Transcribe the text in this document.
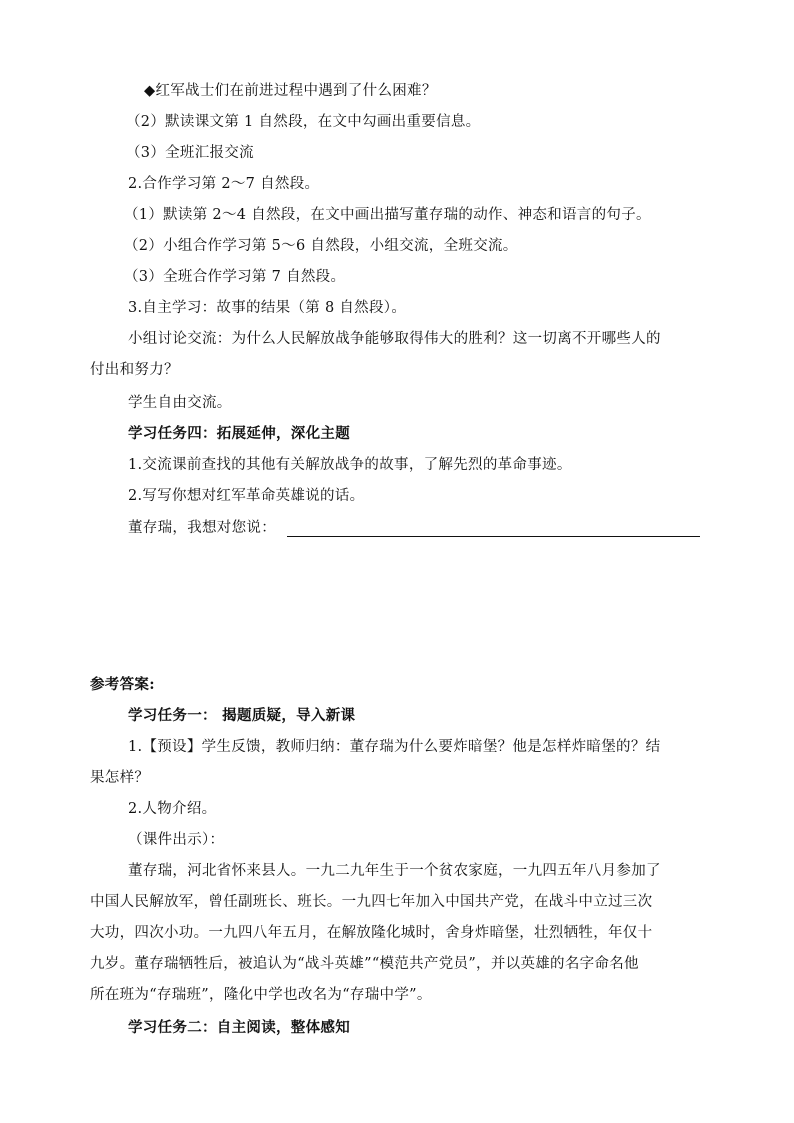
◆红军战士们在前进过程中遇到了什么困难？
（2）默读课文第 1 自然段，在文中勾画出重要信息。
（3）全班汇报交流
2.合作学习第 2～7 自然段。
（1）默读第 2～4 自然段，在文中画出描写董存瑞的动作、神态和语言的句子。
（2）小组合作学习第 5～6 自然段，小组交流，全班交流。
（3）全班合作学习第 7 自然段。
3.自主学习：故事的结果（第 8 自然段）。
小组讨论交流：为什么人民解放战争能够取得伟大的胜利？这一切离不开哪些人的
付出和努力？
学生自由交流。
学习任务四：拓展延伸，深化主题
1.交流课前查找的其他有关解放战争的故事，了解先烈的革命事迹。
2.写写你想对红军革命英雄说的话。
董存瑞，我想对您说：
参考答案:
学习任务一： 揭题质疑，导入新课
1.【预设】学生反馈，教师归纳：董存瑞为什么要炸暗堡？他是怎样炸暗堡的？结
果怎样？
2.人物介绍。
（课件出示）：
董存瑞，河北省怀来县人。一九二九年生于一个贫农家庭，一九四五年八月参加了
中国人民解放军，曾任副班长、班长。一九四七年加入中国共产党，在战斗中立过三次
大功，四次小功。一九四八年五月，在解放隆化城时，舍身炸暗堡，壮烈牺牲，年仅十
九岁。董存瑞牺牲后，被追认为“战斗英雄”“模范共产党员”，并以英雄的名字命名他
所在班为“存瑞班”，隆化中学也改名为“存瑞中学”。
学习任务二：自主阅读，整体感知
